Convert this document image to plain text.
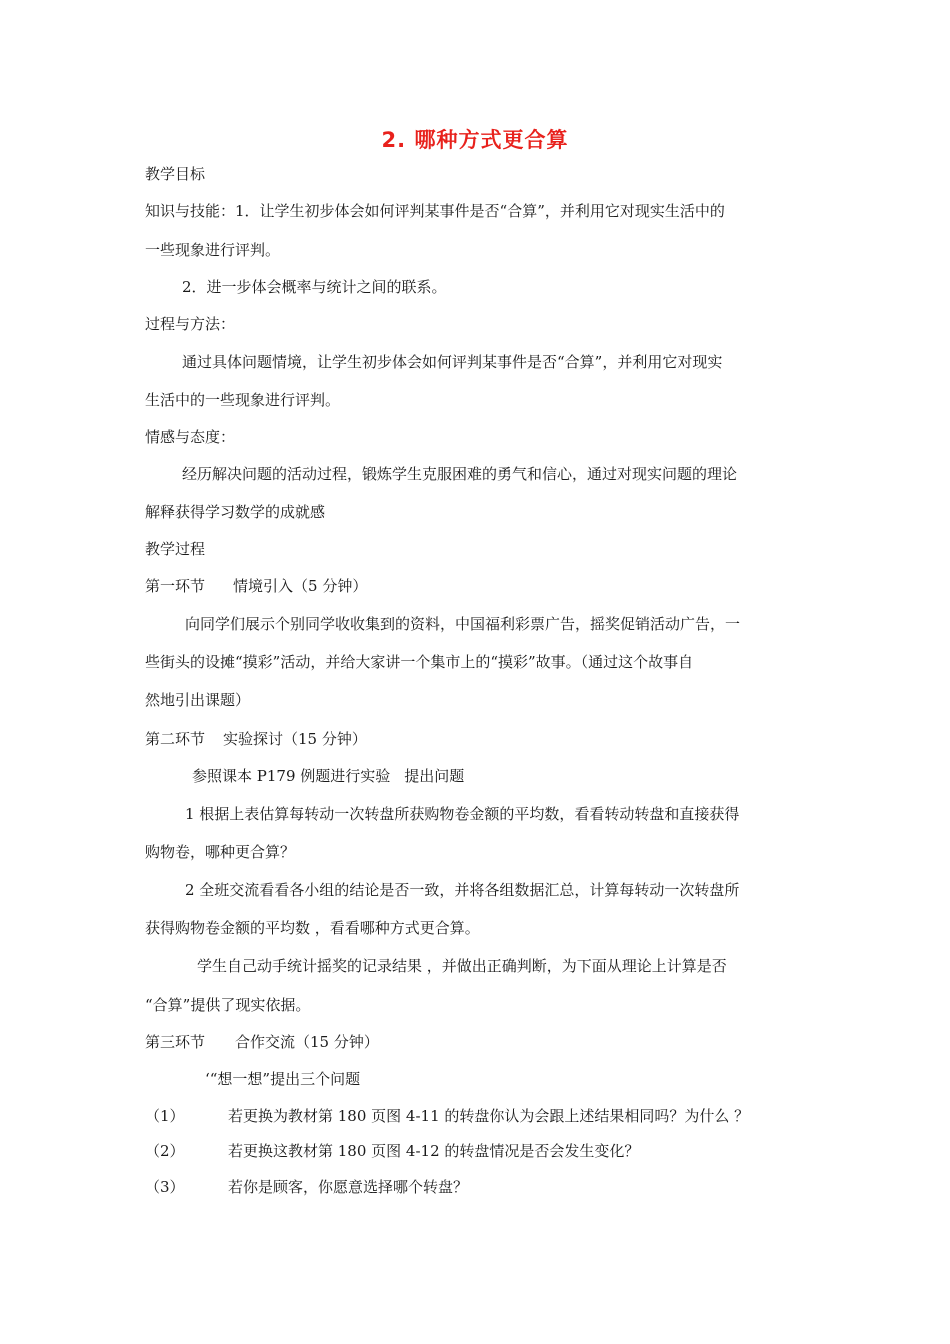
2. 哪种方式更合算
教学目标
知识与技能：1．让学生初步体会如何评判某事件是否“合算”，并利用它对现实生活中的
一些现象进行评判。
2．进一步体会概率与统计之间的联系。
过程与方法：
通过具体问题情境，让学生初步体会如何评判某事件是否“合算”，并利用它对现实
生活中的一些现象进行评判。
情感与态度：
经历解决问题的活动过程，锻炼学生克服困难的勇气和信心，通过对现实问题的理论
解释获得学习数学的成就感
教学过程
第一环节 情境引入（5 分钟）
向同学们展示个别同学收收集到的资料，中国福利彩票广告，摇奖促销活动广告，一
些街头的设摊“摸彩”活动，并给大家讲一个集市上的“摸彩”故事。（通过这个故事自
然地引出课题）
第二环节 实验探讨（15 分钟）
参照课本 P179 例题进行实验 提出问题
1 根据上表估算每转动一次转盘所获购物卷金额的平均数，看看转动转盘和直接获得
购物卷，哪种更合算？
2 全班交流看看各小组的结论是否一致，并将各组数据汇总，计算每转动一次转盘所
获得购物卷金额的平均数 ，看看哪种方式更合算。
学生自己动手统计摇奖的记录结果 ，并做出正确判断，为下面从理论上计算是否
“合算”提供了现实依据。
第三环节 合作交流（15 分钟）
‘“想一想”提出三个问题
（1）	若更换为教材第 180 页图 4-11 的转盘你认为会跟上述结果相同吗？为什么 ？
（2）	若更换这教材第 180 页图 4-12 的转盘情况是否会发生变化？
（3）	若你是顾客，你愿意选择哪个转盘？
